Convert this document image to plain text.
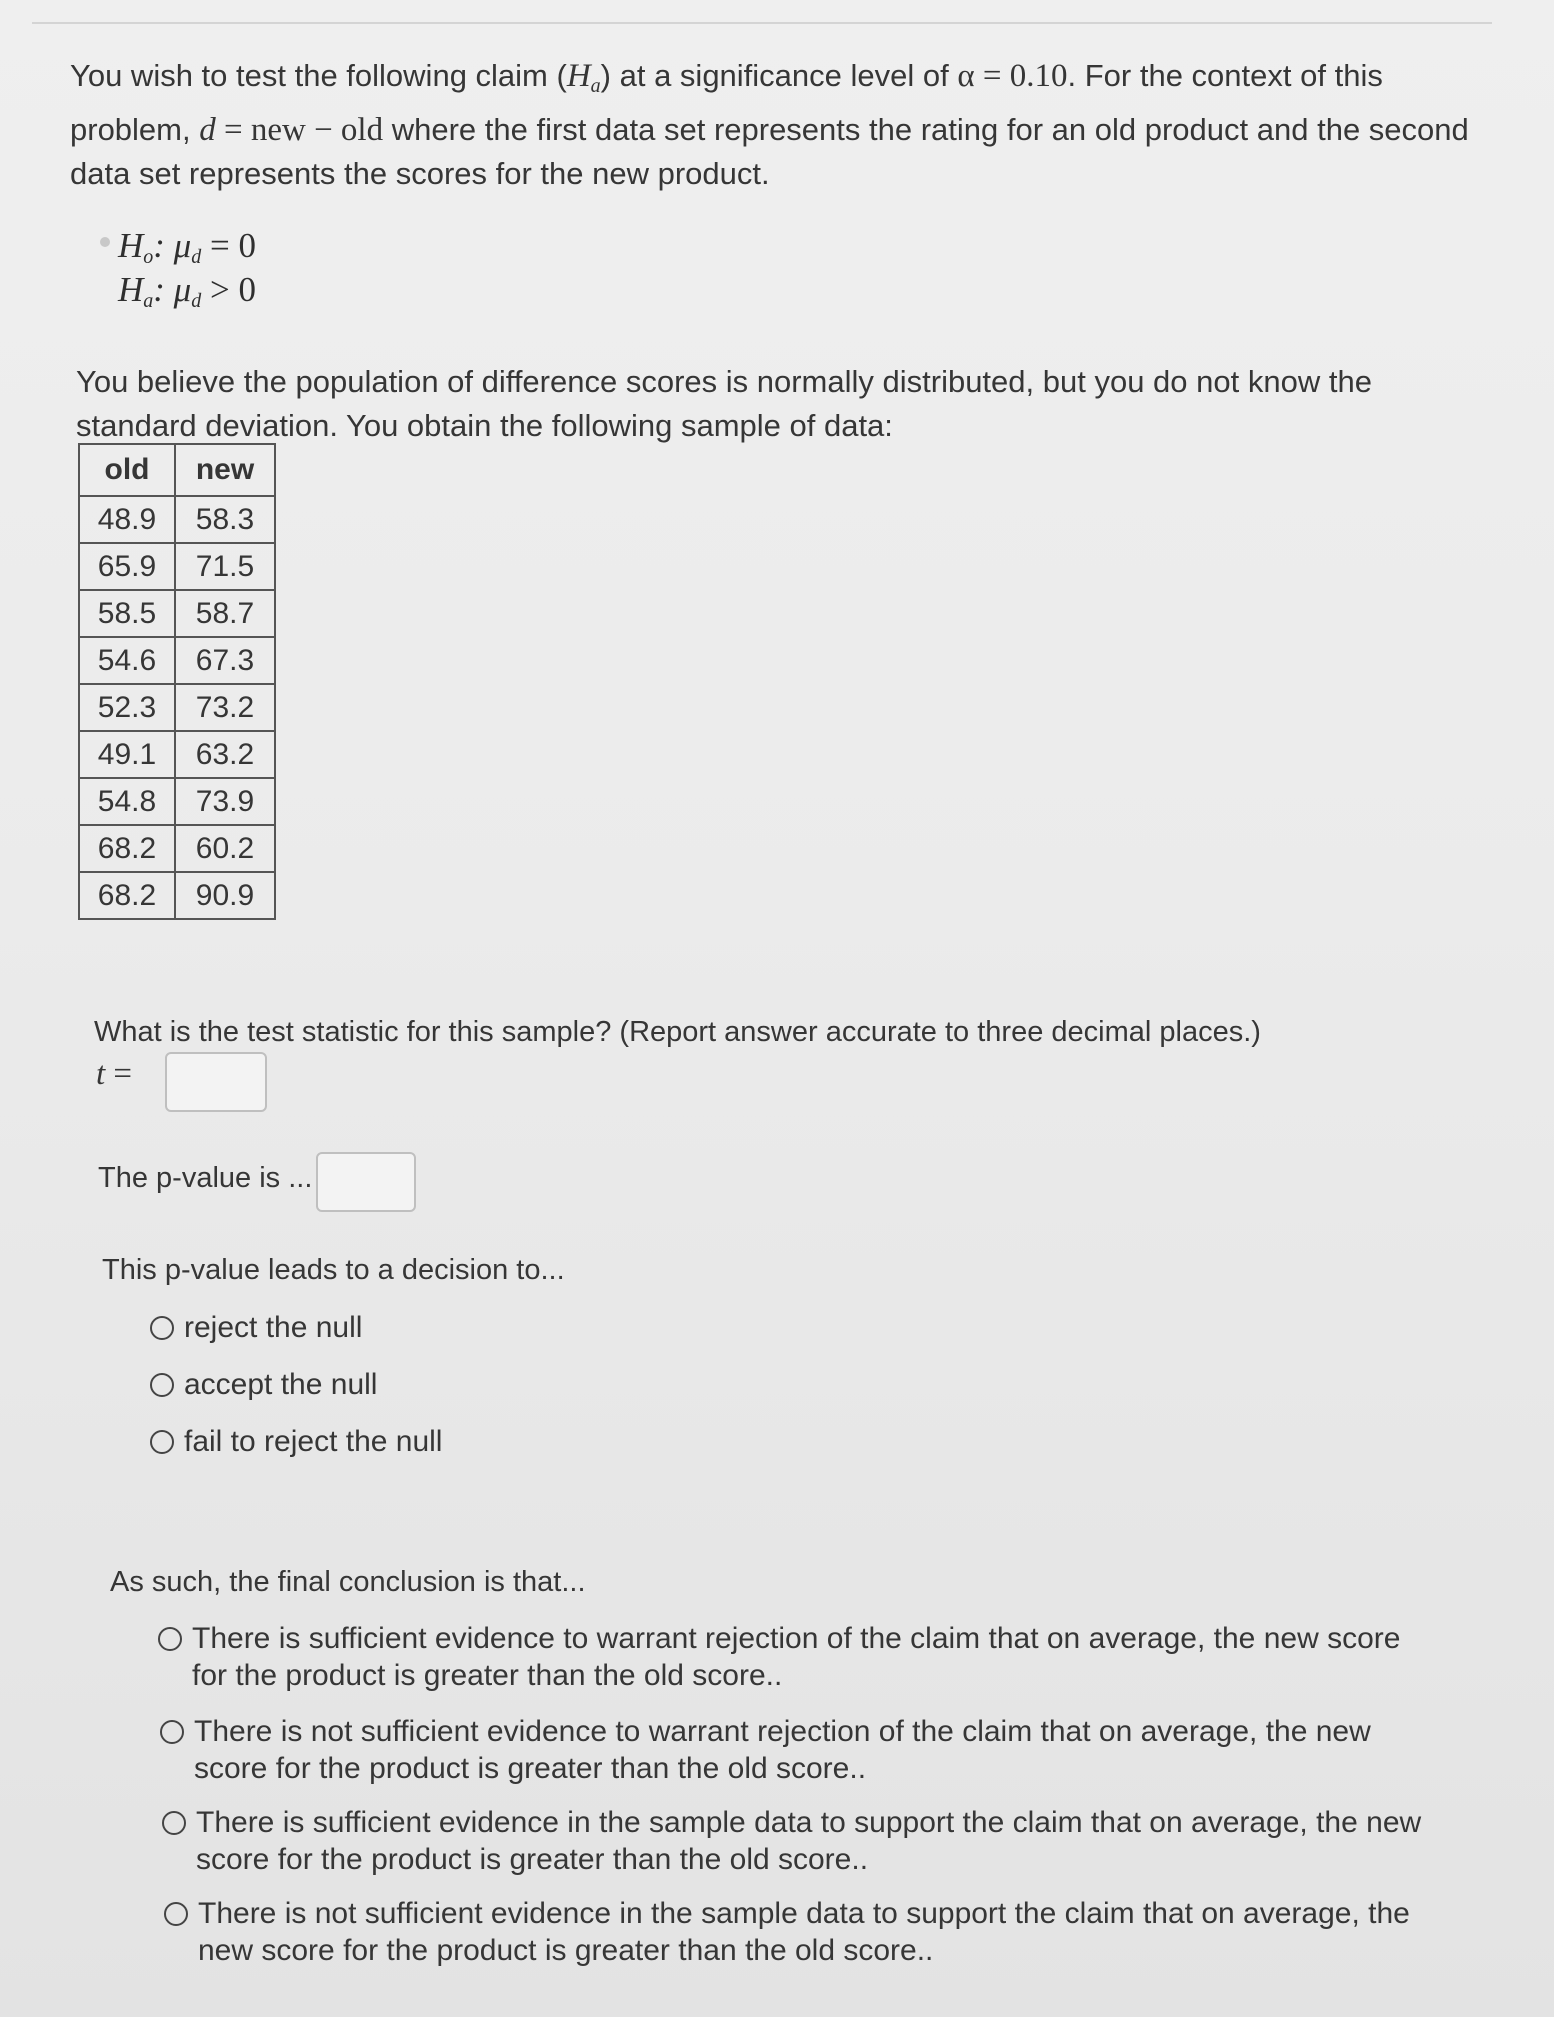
You wish to test the following claim $(H_a)$ at a significance level of α = 0.10. For the context of this problem, d = new − old where the first data set represents the rating for an old product and the second data set represents the scores for the new product.
$H_o$: $\mu_d = 0$
$H_a$: $\mu_d > 0$
You believe the population of difference scores is normally distributed, but you do not know the standard deviation. You obtain the following sample of data:
old	new
48.9	58.3
65.9	71.5
58.5	58.7
54.6	67.3
52.3	73.2
49.1	63.2
54.8	73.9
68.2	60.2
68.2	90.9
What is the test statistic for this sample? (Report answer accurate to three decimal places.)
t =
The p-value is ...
This p-value leads to a decision to...
reject the null
accept the null
fail to reject the null
As such, the final conclusion is that...
There is sufficient evidence to warrant rejection of the claim that on average, the new score
for the product is greater than the old score..
There is not sufficient evidence to warrant rejection of the claim that on average, the new
score for the product is greater than the old score..
There is sufficient evidence in the sample data to support the claim that on average, the new
score for the product is greater than the old score..
There is not sufficient evidence in the sample data to support the claim that on average, the
new score for the product is greater than the old score..
